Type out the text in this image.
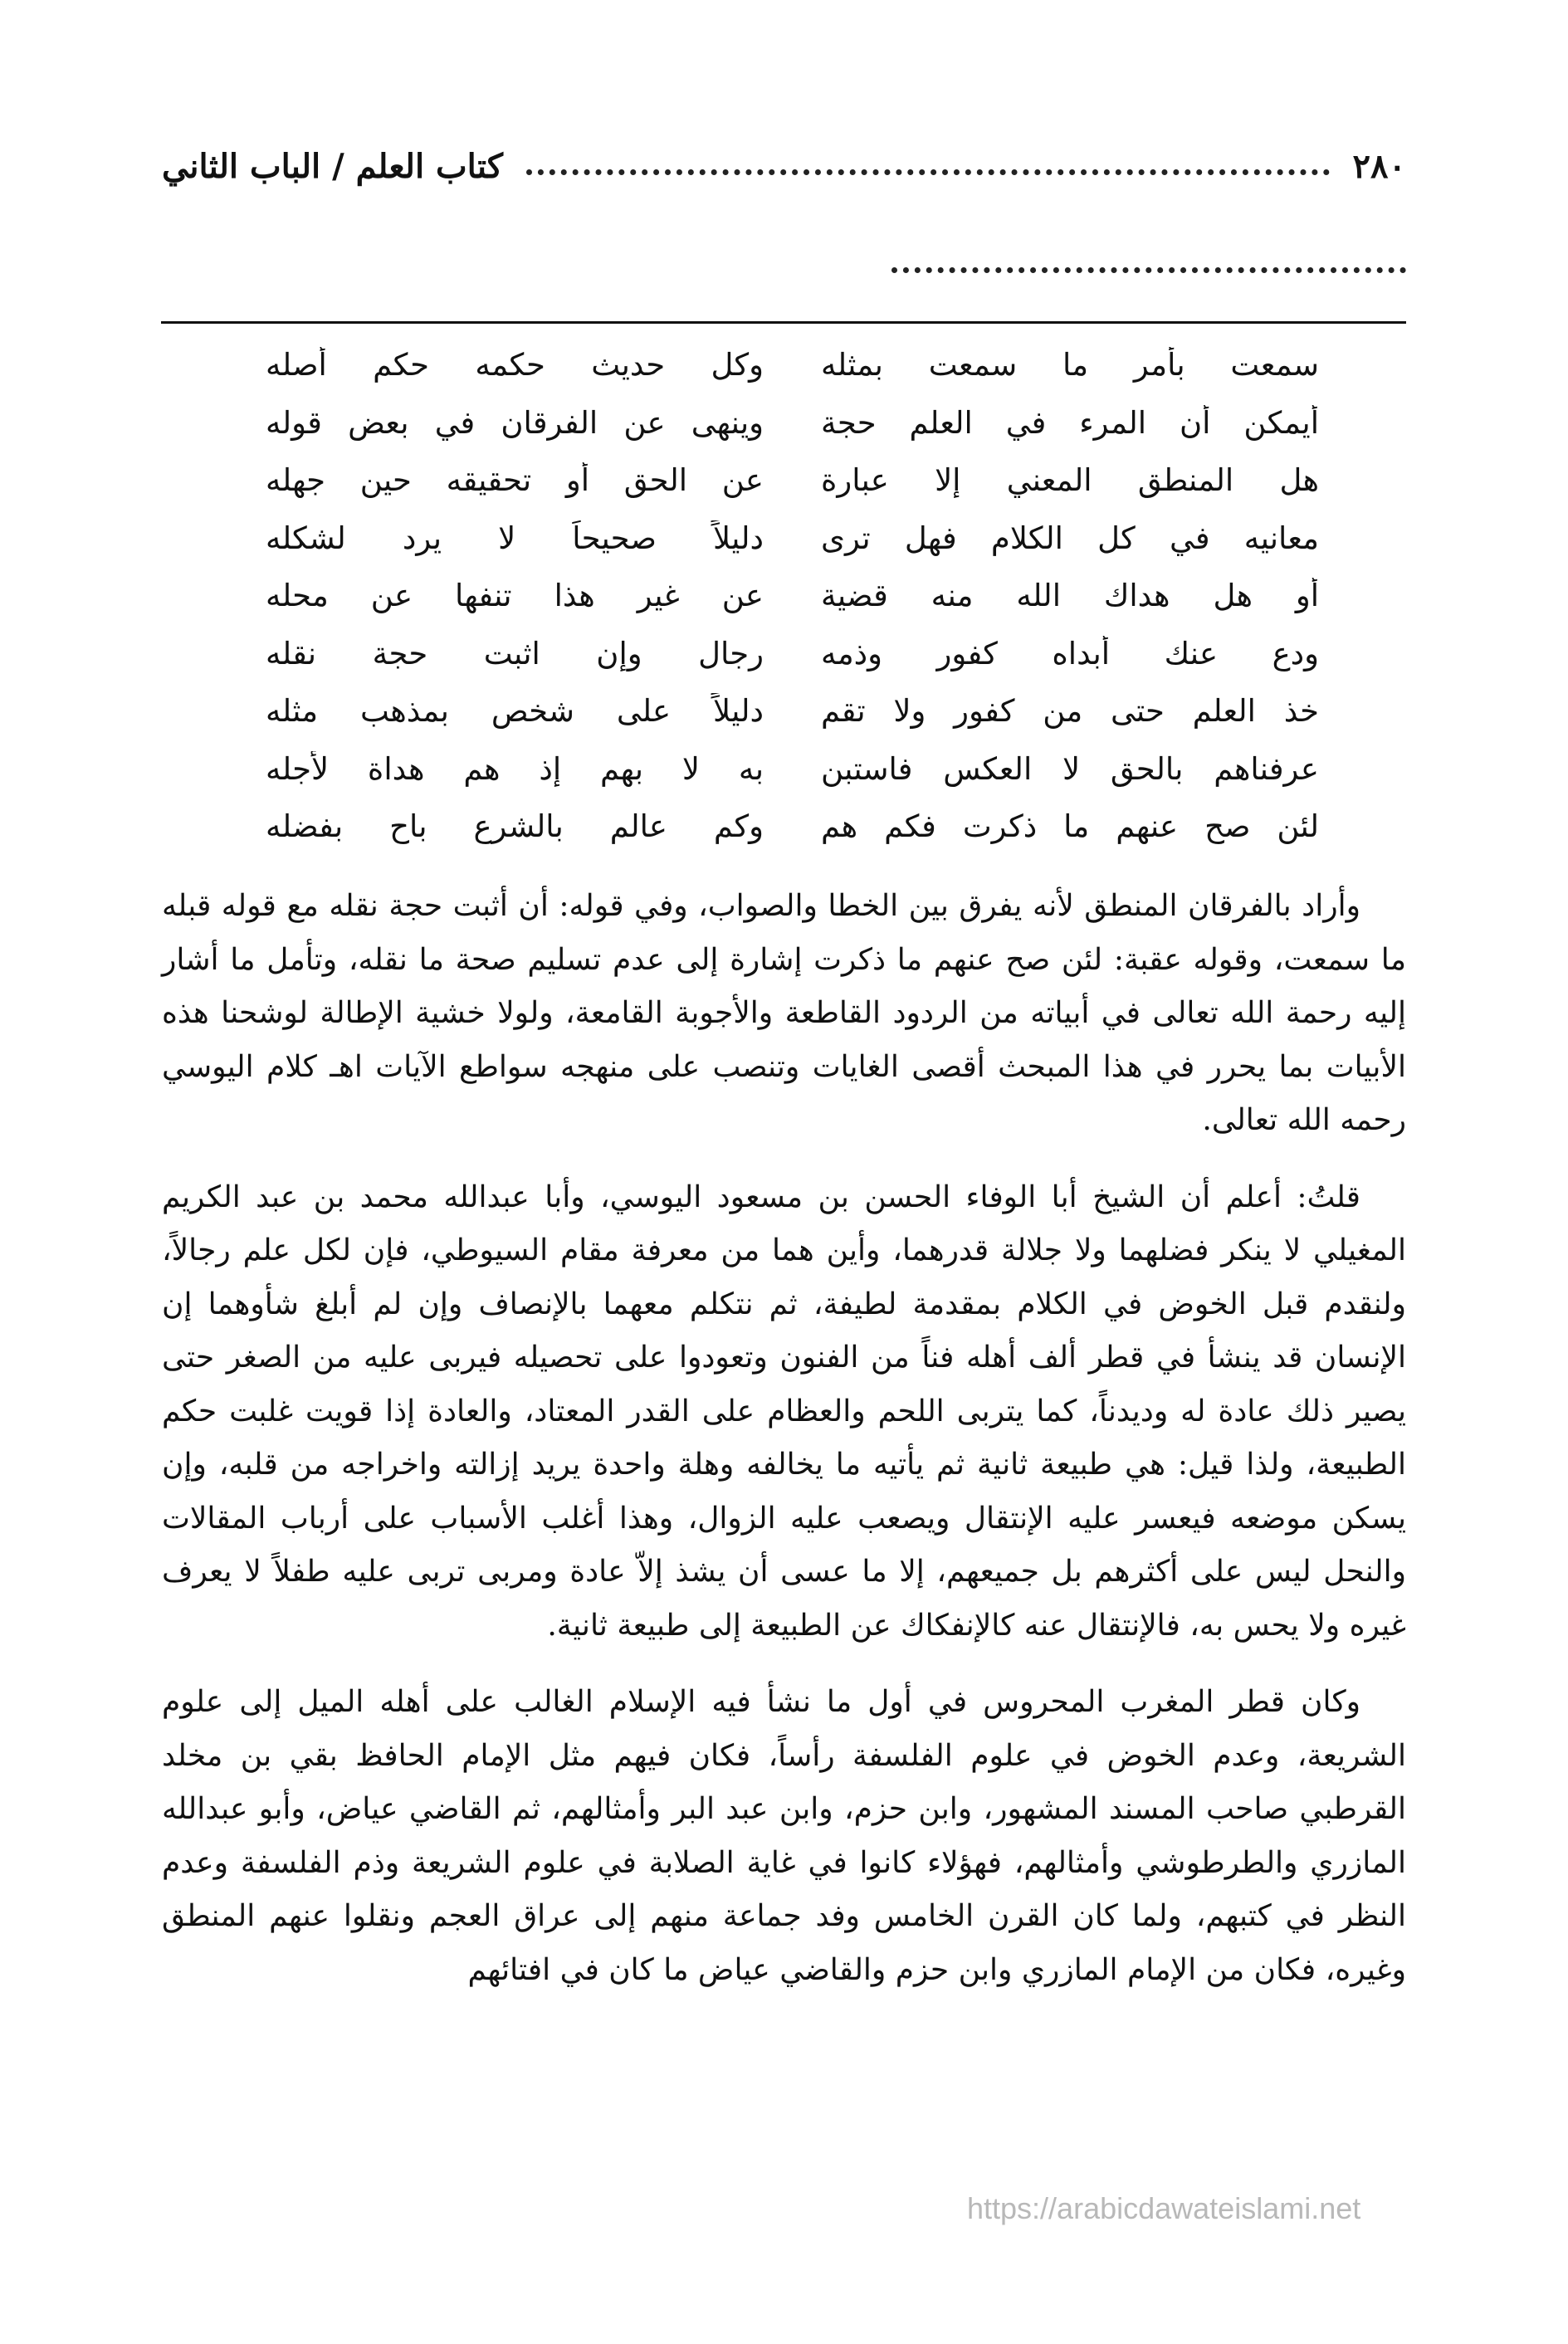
٢٨٠
كتاب العلم / الباب الثاني
سمعت بأمر ما سمعت بمثله
وكل حديث حكمه حكم أصله
أيمكن أن المرء في العلم حجة
وينهى عن الفرقان في بعض قوله
هل المنطق المعني إلا عبارة
عن الحق أو تحقيقه حين جهله
معانيه في كل الكلام فهل ترى
دليلاً صحيحاً لا يرد لشكله
أو هل هداك الله منه قضية
عن غير هذا تنفها عن محله
ودع عنك أبداه كفور وذمه
رجال وإن اثبت حجة نقله
خذ العلم حتى من كفور ولا تقم
دليلاً على شخص بمذهب مثله
عرفناهم بالحق لا العكس فاستبن
به لا بهم إذ هم هداة لأجله
لئن صح عنهم ما ذكرت فكم هم
وكم عالم بالشرع باح بفضله

وأراد بالفرقان المنطق لأنه يفرق بين الخطا والصواب، وفي قوله: أن أثبت حجة نقله مع قوله قبله ما سمعت، وقوله عقبة: لئن صح عنهم ما ذكرت إشارة إلى عدم تسليم صحة ما نقله، وتأمل ما أشار إليه رحمة الله تعالى في أبياته من الردود القاطعة والأجوبة القامعة، ولولا خشية الإطالة لوشحنا هذه الأبيات بما يحرر في هذا المبحث أقصى الغايات وتنصب على منهجه سواطع الآيات اهـ كلام اليوسي رحمه الله تعالى.

قلتُ: أعلم أن الشيخ أبا الوفاء الحسن بن مسعود اليوسي، وأبا عبدالله محمد بن عبد الكريم المغيلي لا ينكر فضلهما ولا جلالة قدرهما، وأين هما من معرفة مقام السيوطي، فإن لكل علم رجالاً، ولنقدم قبل الخوض في الكلام بمقدمة لطيفة، ثم نتكلم معهما بالإنصاف وإن لم أبلغ شأوهما إن الإنسان قد ينشأ في قطر ألف أهله فناً من الفنون وتعودوا على تحصيله فيربى عليه من الصغر حتى يصير ذلك عادة له وديدناً، كما يتربى اللحم والعظام على القدر المعتاد، والعادة إذا قويت غلبت حكم الطبيعة، ولذا قيل: هي طبيعة ثانية ثم يأتيه ما يخالفه وهلة واحدة يريد إزالته واخراجه من قلبه، وإن يسكن موضعه فيعسر عليه الإنتقال ويصعب عليه الزوال، وهذا أغلب الأسباب على أرباب المقالات والنحل ليس على أكثرهم بل جميعهم، إلا ما عسى أن يشذ إلاّ عادة ومربى تربى عليه طفلاً لا يعرف غيره ولا يحس به، فالإنتقال عنه كالإنفكاك عن الطبيعة إلى طبيعة ثانية.

وكان قطر المغرب المحروس في أول ما نشأ فيه الإسلام الغالب على أهله الميل إلى علوم الشريعة، وعدم الخوض في علوم الفلسفة رأساً، فكان فيهم مثل الإمام الحافظ بقي بن مخلد القرطبي صاحب المسند المشهور، وابن حزم، وابن عبد البر وأمثالهم، ثم القاضي عياض، وأبو عبدالله المازري والطرطوشي وأمثالهم، فهؤلاء كانوا في غاية الصلابة في علوم الشريعة وذم الفلسفة وعدم النظر في كتبهم، ولما كان القرن الخامس وفد جماعة منهم إلى عراق العجم ونقلوا عنهم المنطق وغيره، فكان من الإمام المازري وابن حزم والقاضي عياض ما كان في افتائهم

https://arabicdawateislami.net
